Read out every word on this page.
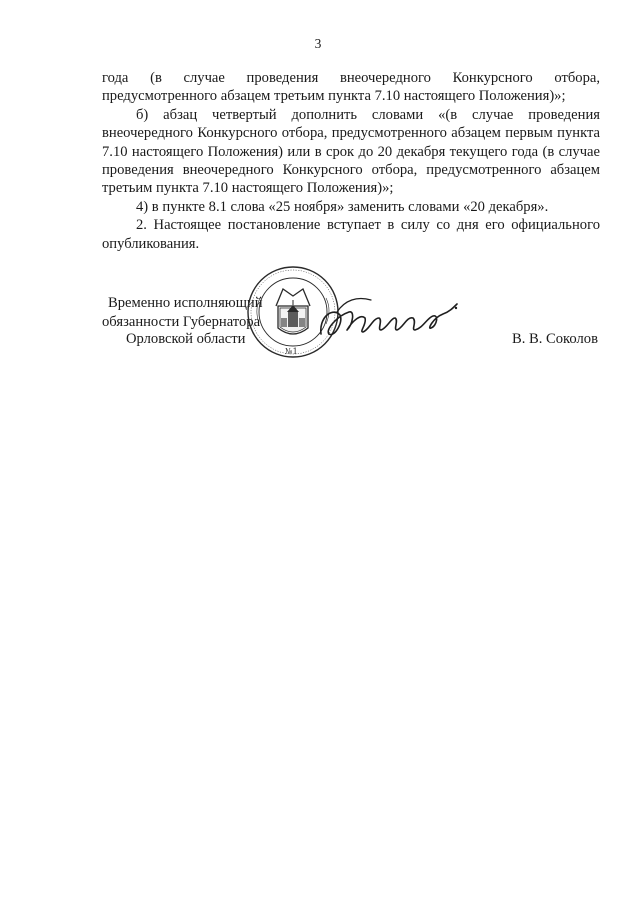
3

года (в случае проведения внеочередного Конкурсного отбора, предусмотренного абзацем третьим пункта 7.10 настоящего Положения)»;

б) абзац четвертый дополнить словами «(в случае проведения внеочередного Конкурсного отбора, предусмотренного абзацем первым пункта 7.10 настоящего Положения) или в срок до 20 декабря текущего года (в случае проведения внеочередного Конкурсного отбора, предусмотренного абзацем третьим пункта 7.10 настоящего Положения)»;

4) в пункте 8.1 слова «25 ноября» заменить словами «20 декабря».

2. Настоящее постановление вступает в силу со дня его официального опубликования.

Временно исполняющий
обязанности Губернатора
Орловской области	В. В. Соколов
№1
